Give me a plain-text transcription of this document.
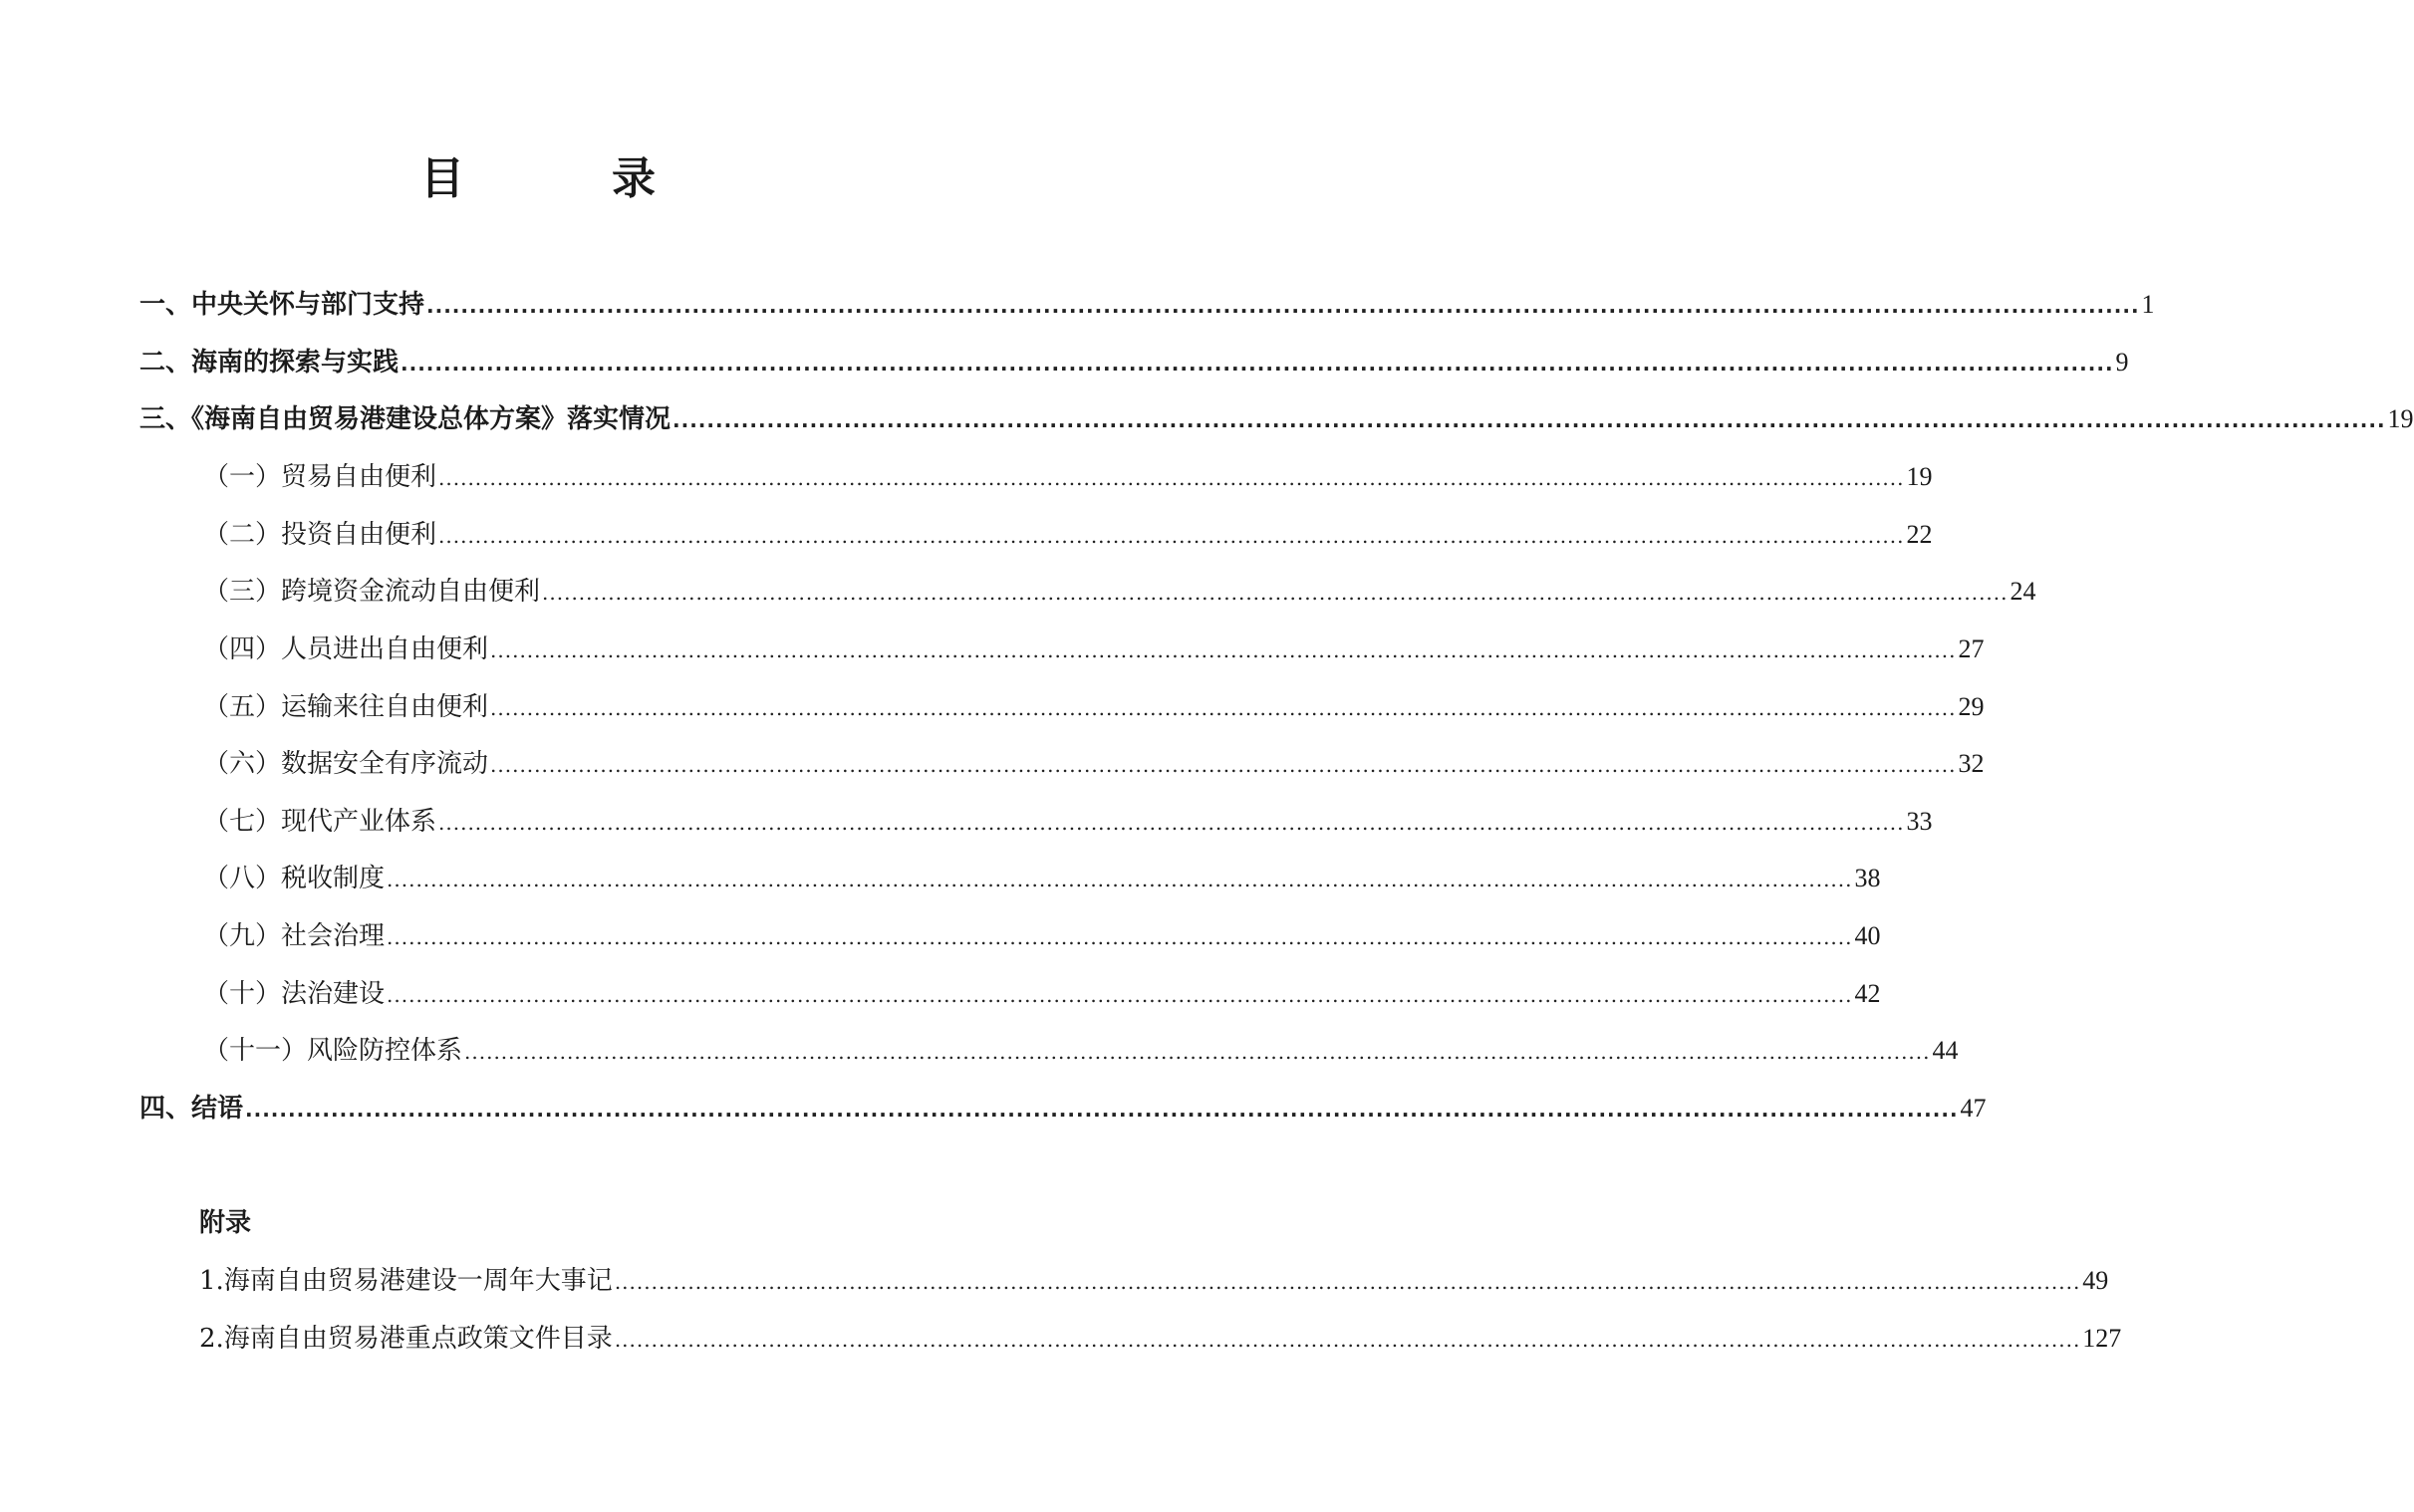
目　录
一、中央关怀与部门支持 ........................................................................................................................................................................................................ 1
二、海南的探索与实践 ........................................................................................................................................................................................................ 9
三、《海南自由贸易港建设总体方案》落实情况 ........................................................................................................................................................................................................ 19
（一）贸易自由便利 ........................................................................................................................................................................................................ 19
（二）投资自由便利 ........................................................................................................................................................................................................ 22
（三）跨境资金流动自由便利 ........................................................................................................................................................................................................ 24
（四）人员进出自由便利 ........................................................................................................................................................................................................ 27
（五）运输来往自由便利 ........................................................................................................................................................................................................ 29
（六）数据安全有序流动 ........................................................................................................................................................................................................ 32
（七）现代产业体系 ........................................................................................................................................................................................................ 33
（八）税收制度 ........................................................................................................................................................................................................ 38
（九）社会治理 ........................................................................................................................................................................................................ 40
（十）法治建设 ........................................................................................................................................................................................................ 42
（十一）风险防控体系 ........................................................................................................................................................................................................ 44
四、结语 ........................................................................................................................................................................................................ 47
附录
1.海南自由贸易港建设一周年大事记 ........................................................................................................................................................................................................ 49
2.海南自由贸易港重点政策文件目录 ........................................................................................................................................................................................................ 127
